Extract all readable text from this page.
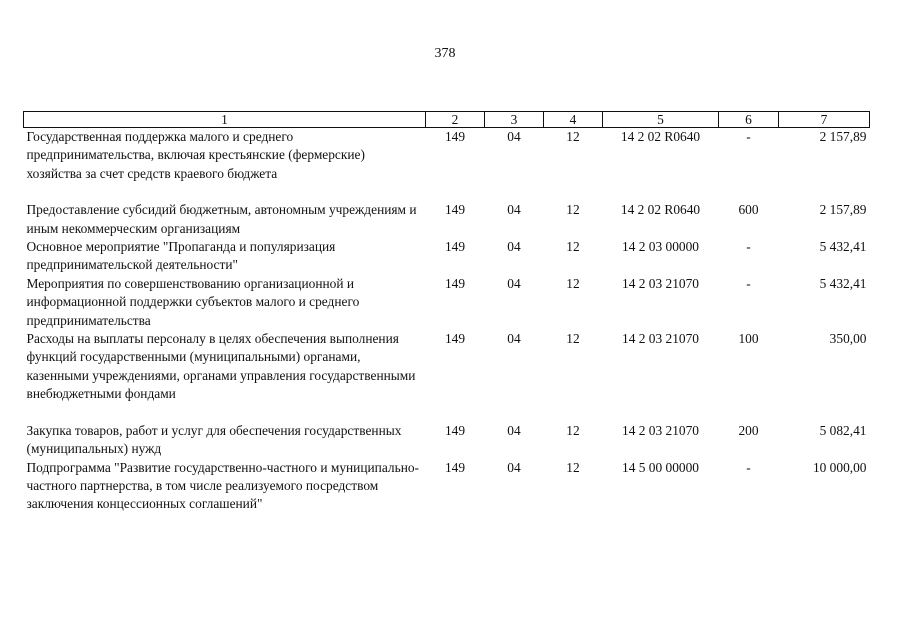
378
1	2	3	4	5	6	7
Государственная поддержка малого и среднего предпринимательства, включая крестьянские (фермерские) хозяйства за счет средств краевого бюджета	149	04	12	14 2 02 R0640	-	2 157,89

Предоставление субсидий бюджетным, автономным учреждениям и иным некоммерческим организациям	149	04	12	14 2 02 R0640	600	2 157,89
Основное мероприятие "Пропаганда и популяризация предпринимательской деятельности"	149	04	12	14 2 03 00000	-	5 432,41
Мероприятия по совершенствованию организационной и информационной поддержки субъектов малого и среднего предпринимательства	149	04	12	14 2 03 21070	-	5 432,41
Расходы на выплаты персоналу в целях обеспечения выполнения функций государственными (муниципальными) органами, казенными учреждениями, органами управления государственными внебюджетными фондами	149	04	12	14 2 03 21070	100	350,00

Закупка товаров, работ и услуг для обеспечения государственных (муниципальных) нужд	149	04	12	14 2 03 21070	200	5 082,41
Подпрограмма "Развитие государственно-частного и муниципально-частного партнерства, в том числе реализуемого посредством заключения концессионных соглашений"	149	04	12	14 5 00 00000	-	10 000,00
